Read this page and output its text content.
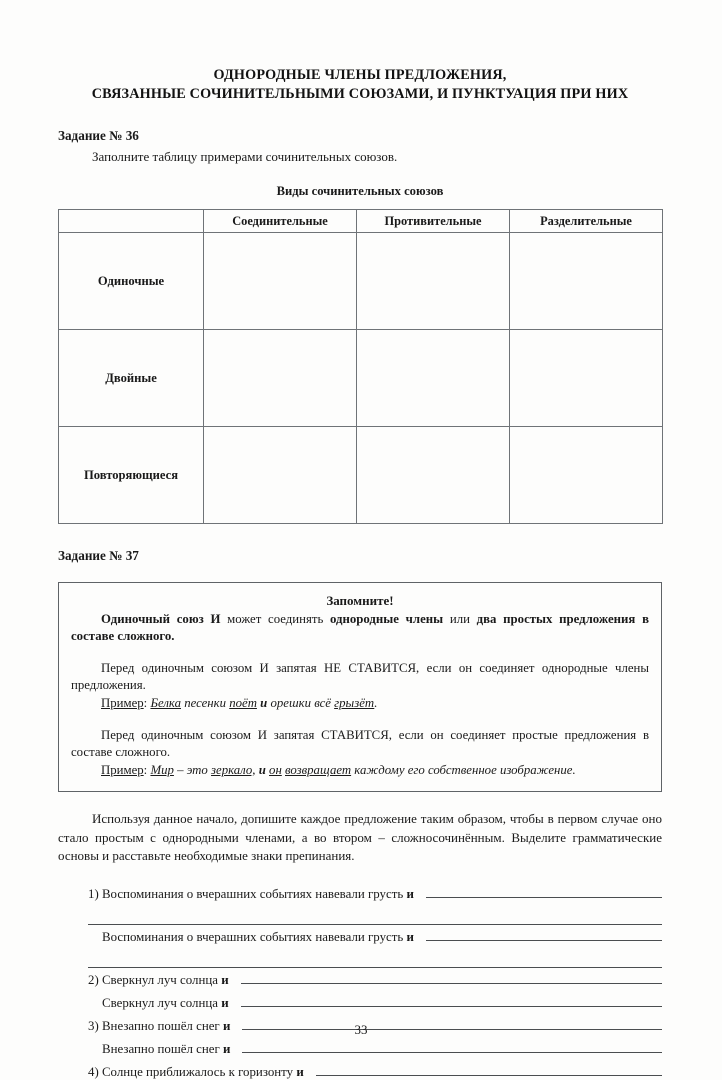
ОДНОРОДНЫЕ ЧЛЕНЫ ПРЕДЛОЖЕНИЯ,
СВЯЗАННЫЕ СОЧИНИТЕЛЬНЫМИ СОЮЗАМИ, И ПУНКТУАЦИЯ ПРИ НИХ
Задание № 36
Заполните таблицу примерами сочинительных союзов.
Виды сочинительных союзов
	Соединительные	Противительные	Разделительные
Одиночные			
Двойные			
Повторяющиеся			
Задание № 37
Запомните!

Одиночный союз И может соединять однородные члены или два простых предложения в составе сложного.

Перед одиночным союзом И запятая НЕ СТАВИТСЯ, если он соединяет однородные члены предложения.

Пример: Белка песенки поёт и орешки всё грызёт.

Перед одиночным союзом И запятая СТАВИТСЯ, если он соединяет простые предложения в составе сложного.

Пример: Мир – это зеркало, и он возвращает каждому его собственное изображение.

Используя данное начало, допишите каждое предложение таким образом, чтобы в первом случае оно стало простым с однородными членами, а во втором – сложносочинённым. Выделите грамматические основы и расставьте необходимые знаки препинания.
1) Воспоминания о вчерашних событиях навевали грусть и
Воспоминания о вчерашних событиях навевали грусть и
2) Сверкнул луч солнца и
Сверкнул луч солнца и
3) Внезапно пошёл снег и
Внезапно пошёл снег и
4) Солнце приближалось к горизонту и
33
